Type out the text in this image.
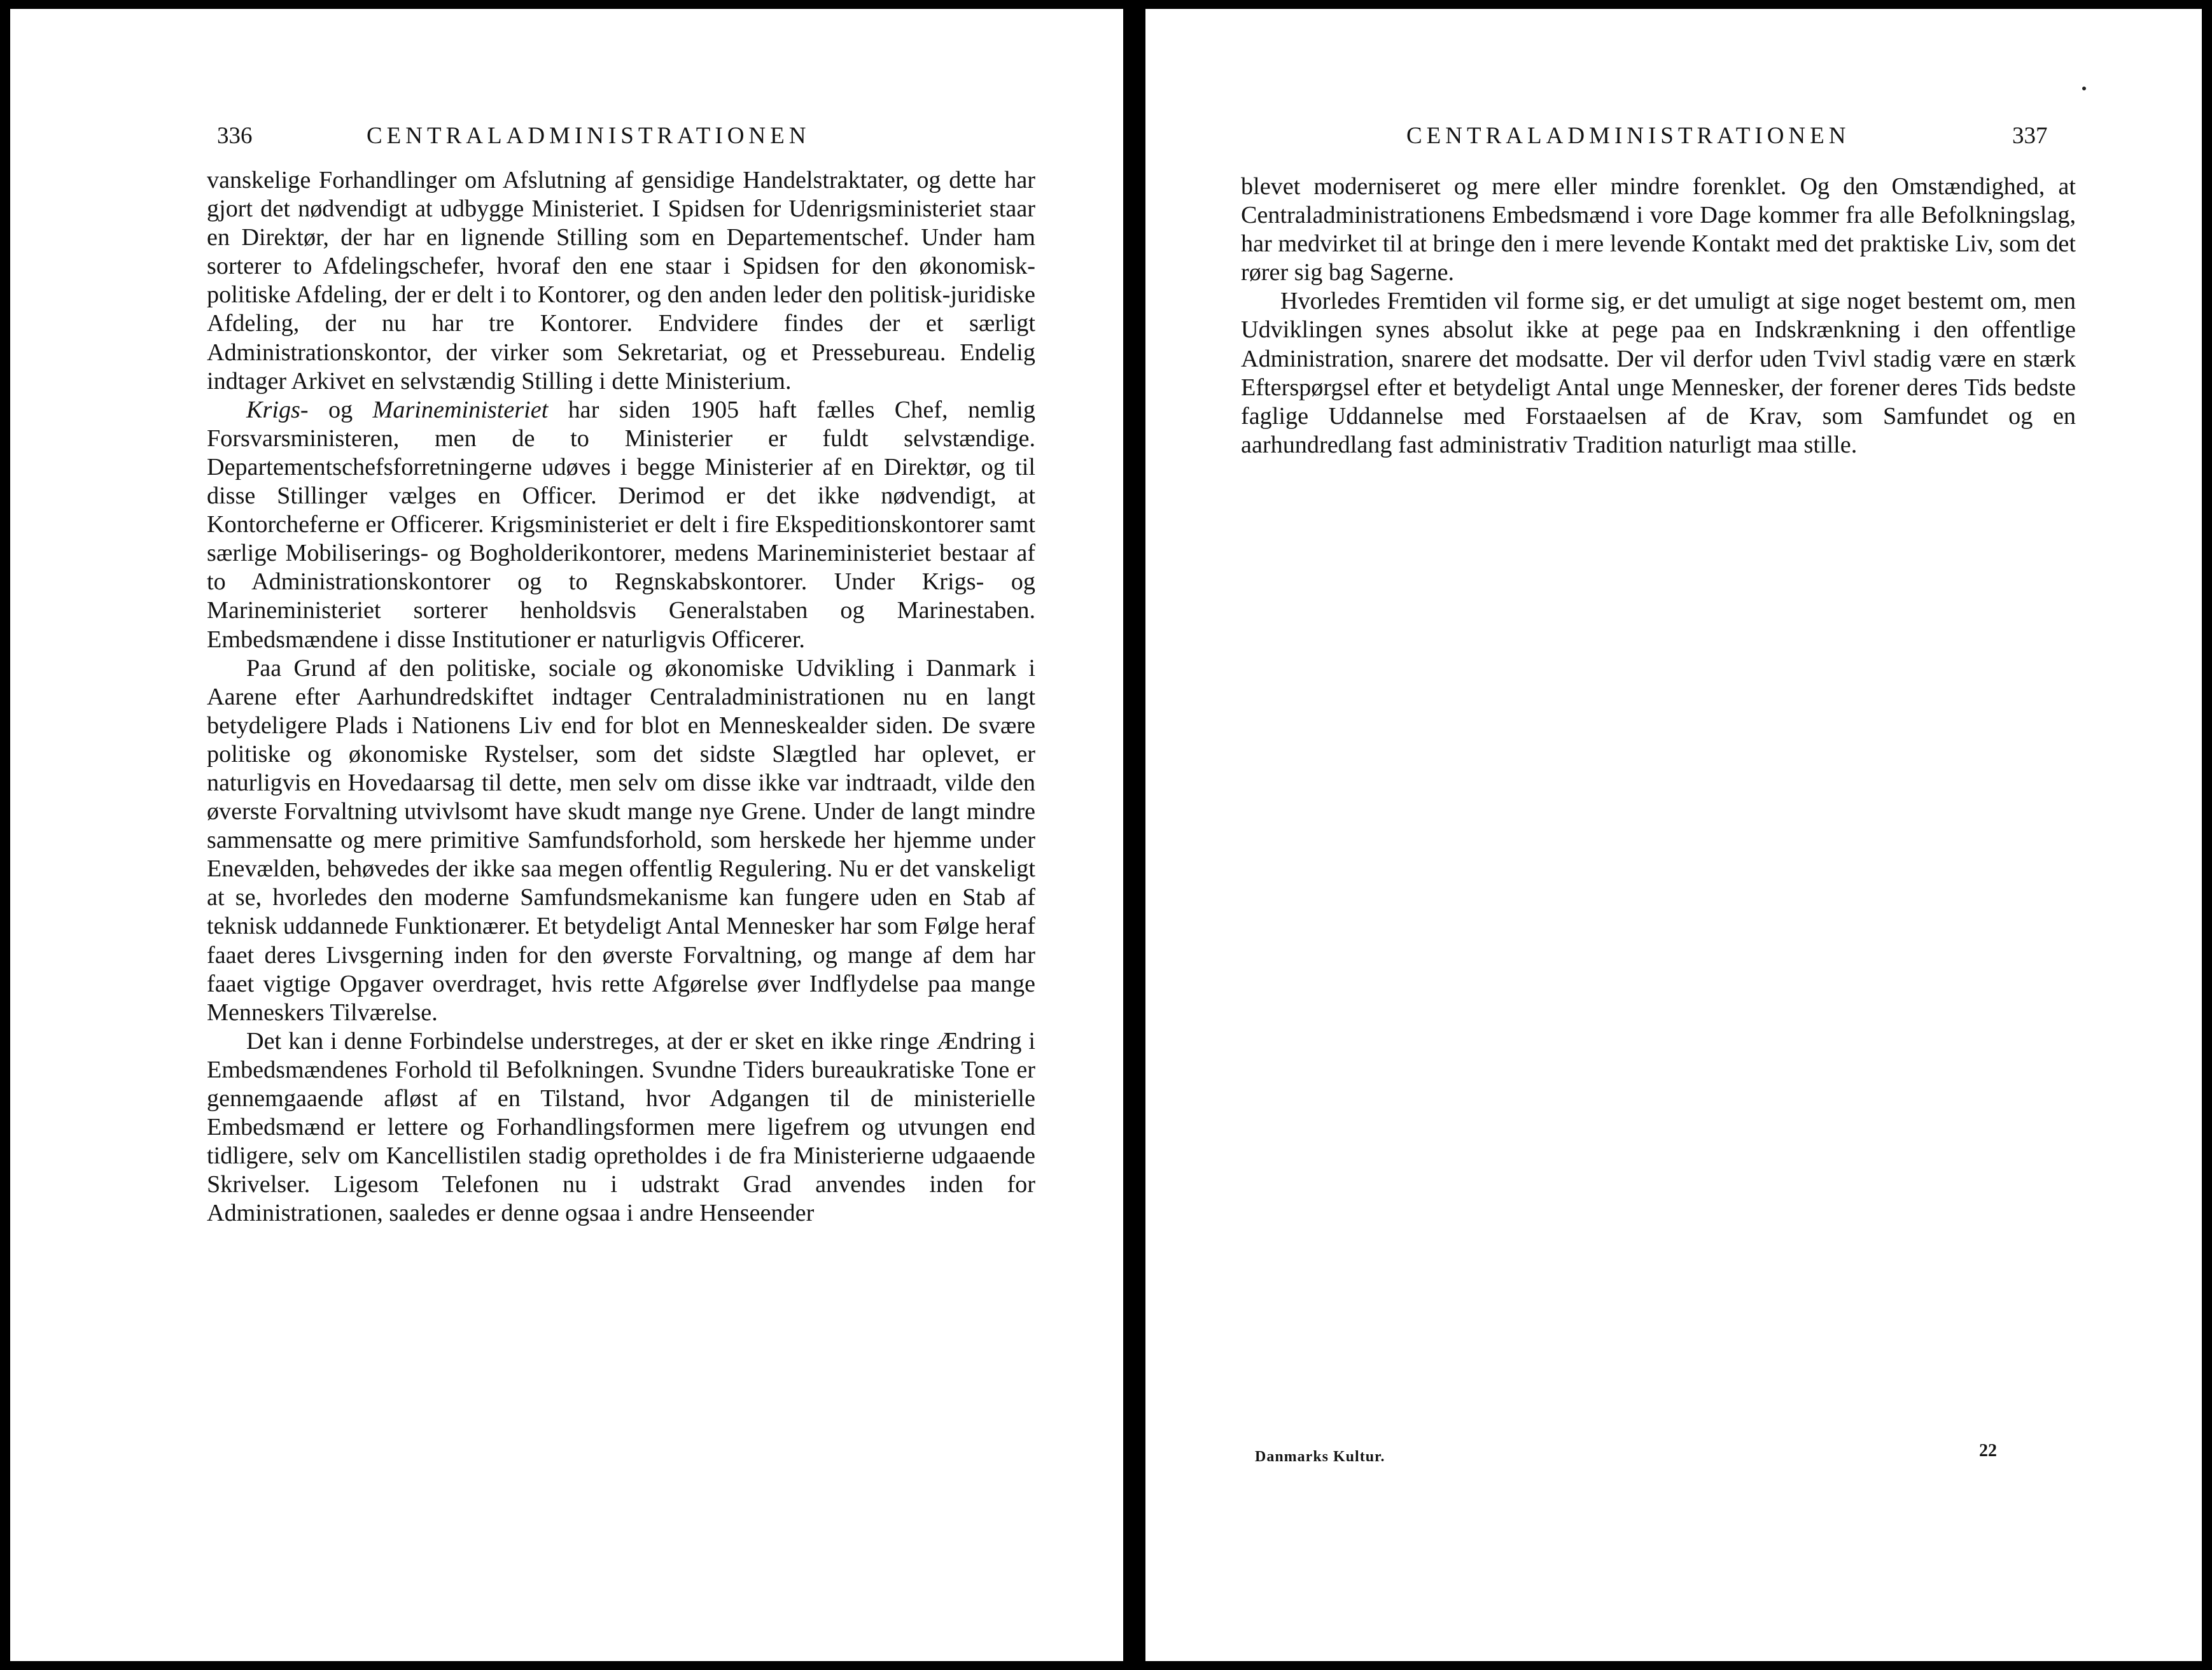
336	CENTRALADMINISTRATIONEN

vanskelige Forhandlinger om Afslutning af gensidige Handelstraktater, og dette har gjort det nødvendigt at udbygge Ministeriet. I Spidsen for Udenrigsministeriet staar en Direktør, der har en lignende Stilling som en Departementschef. Under ham sorterer to Afdelingschefer, hvoraf den ene staar i Spidsen for den økonomisk-politiske Afdeling, der er delt i to Kontorer, og den anden leder den politisk-juridiske Afdeling, der nu har tre Kontorer. Endvidere findes der et særligt Administrationskontor, der virker som Sekretariat, og et Pressebureau. Endelig indtager Arkivet en selvstændig Stilling i dette Ministerium.

Krigs- og Marineministeriet har siden 1905 haft fælles Chef, nemlig Forsvarsministeren, men de to Ministerier er fuldt selvstændige. Departementschefsforretningerne udøves i begge Ministerier af en Direktør, og til disse Stillinger vælges en Officer. Derimod er det ikke nødvendigt, at Kontorcheferne er Officerer. Krigsministeriet er delt i fire Ekspeditionskontorer samt særlige Mobiliserings- og Bogholderikontorer, medens Marineministeriet bestaar af to Administrationskontorer og to Regnskabskontorer. Under Krigs- og Marineministeriet sorterer henholdsvis Generalstaben og Marinestaben. Embedsmændene i disse Institutioner er naturligvis Officerer.

Paa Grund af den politiske, sociale og økonomiske Udvikling i Danmark i Aarene efter Aarhundredskiftet indtager Centraladministrationen nu en langt betydeligere Plads i Nationens Liv end for blot en Menneskealder siden. De svære politiske og økonomiske Rystelser, som det sidste Slægtled har oplevet, er naturligvis en Hovedaarsag til dette, men selv om disse ikke var indtraadt, vilde den øverste Forvaltning utvivlsomt have skudt mange nye Grene. Under de langt mindre sammensatte og mere primitive Samfundsforhold, som herskede her hjemme under Enevælden, behøvedes der ikke saa megen offentlig Regulering. Nu er det vanskeligt at se, hvorledes den moderne Samfundsmekanisme kan fungere uden en Stab af teknisk uddannede Funktionærer. Et betydeligt Antal Mennesker har som Følge heraf faaet deres Livsgerning inden for den øverste Forvaltning, og mange af dem har faaet vigtige Opgaver overdraget, hvis rette Afgørelse øver Indflydelse paa mange Menneskers Tilværelse.

Det kan i denne Forbindelse understreges, at der er sket en ikke ringe Ændring i Embedsmændenes Forhold til Befolkningen. Svundne Tiders bureaukratiske Tone er gennemgaaende afløst af en Tilstand, hvor Adgangen til de ministerielle Embedsmænd er lettere og Forhandlingsformen mere ligefrem og utvungen end tidligere, selv om Kancellistilen stadig opretholdes i de fra Ministerierne udgaaende Skrivelser. Ligesom Telefonen nu i udstrakt Grad anvendes inden for Administrationen, saaledes er denne ogsaa i andre Henseender

CENTRALADMINISTRATIONEN	337

blevet moderniseret og mere eller mindre forenklet. Og den Omstændighed, at Centraladministrationens Embedsmænd i vore Dage kommer fra alle Befolkningslag, har medvirket til at bringe den i mere levende Kontakt med det praktiske Liv, som det rører sig bag Sagerne.

Hvorledes Fremtiden vil forme sig, er det umuligt at sige noget bestemt om, men Udviklingen synes absolut ikke at pege paa en Indskrænkning i den offentlige Administration, snarere det modsatte. Der vil derfor uden Tvivl stadig være en stærk Efterspørgsel efter et betydeligt Antal unge Mennesker, der forener deres Tids bedste faglige Uddannelse med Forstaaelsen af de Krav, som Samfundet og en aarhundredlang fast administrativ Tradition naturligt maa stille.

Danmarks Kultur.	22
